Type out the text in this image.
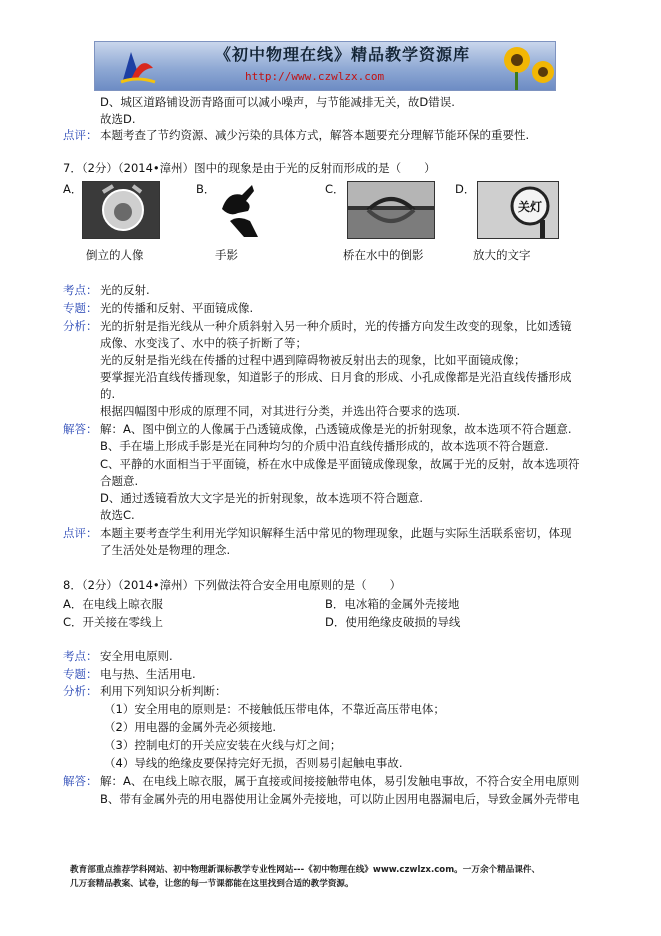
《初中物理在线》精品教学资源库
http://www.czwlzx.com
D、城区道路铺设沥青路面可以减小噪声，与节能减排无关，故D错误.
故选D.
点评： 本题考查了节约资源、减少污染的具体方式，解答本题要充分理解节能环保的重要性.
7．（2分）（2014•漳州）图中的现象是由于光的反射而形成的是（　　）
A．
倒立的人像
B．
手影
C．
桥在水中的倒影
D．
关灯
放大的文字
考点： 光的反射.
专题： 光的传播和反射、平面镜成像.
分析： 光的折射是指光线从一种介质斜射入另一种介质时，光的传播方向发生改变的现象，比如透镜
成像、水变浅了、水中的筷子折断了等；
光的反射是指光线在传播的过程中遇到障碍物被反射出去的现象，比如平面镜成像；
要掌握光沿直线传播现象，知道影子的形成、日月食的形成、小孔成像都是光沿直线传播形成
的.
根据四幅图中形成的原理不同，对其进行分类，并选出符合要求的选项.
解答： 解：A、图中倒立的人像属于凸透镜成像，凸透镜成像是光的折射现象，故本选项不符合题意.
B、手在墙上形成手影是光在同种均匀的介质中沿直线传播形成的，故本选项不符合题意.
C、平静的水面相当于平面镜，桥在水中成像是平面镜成像现象，故属于光的反射，故本选项符
合题意.
D、通过透镜看放大文字是光的折射现象，故本选项不符合题意.
故选C.
点评： 本题主要考查学生利用光学知识解释生活中常见的物理现象，此题与实际生活联系密切，体现
了生活处处是物理的理念.
8．（2分）（2014•漳州）下列做法符合安全用电原则的是（　　）
A．在电线上晾衣服	B．电冰箱的金属外壳接地
C．开关接在零线上	D．使用绝缘皮破损的导线
考点： 安全用电原则.
专题： 电与热、生活用电.
分析： 利用下列知识分析判断：
（1）安全用电的原则是：不接触低压带电体，不靠近高压带电体；
（2）用电器的金属外壳必须接地.
（3）控制电灯的开关应安装在火线与灯之间；
（4）导线的绝缘皮要保持完好无损，否则易引起触电事故.
解答： 解：A、在电线上晾衣服，属于直接或间接接触带电体，易引发触电事故，不符合安全用电原则
B、带有金属外壳的用电器使用让金属外壳接地，可以防止因用电器漏电后，导致金属外壳带电
教育部重点推荐学科网站、初中物理新课标教学专业性网站---《初中物理在线》www.czwlzx.com。一万余个精品课件、
几万套精品教案、试卷，让您的每一节课都能在这里找到合适的教学资源。
